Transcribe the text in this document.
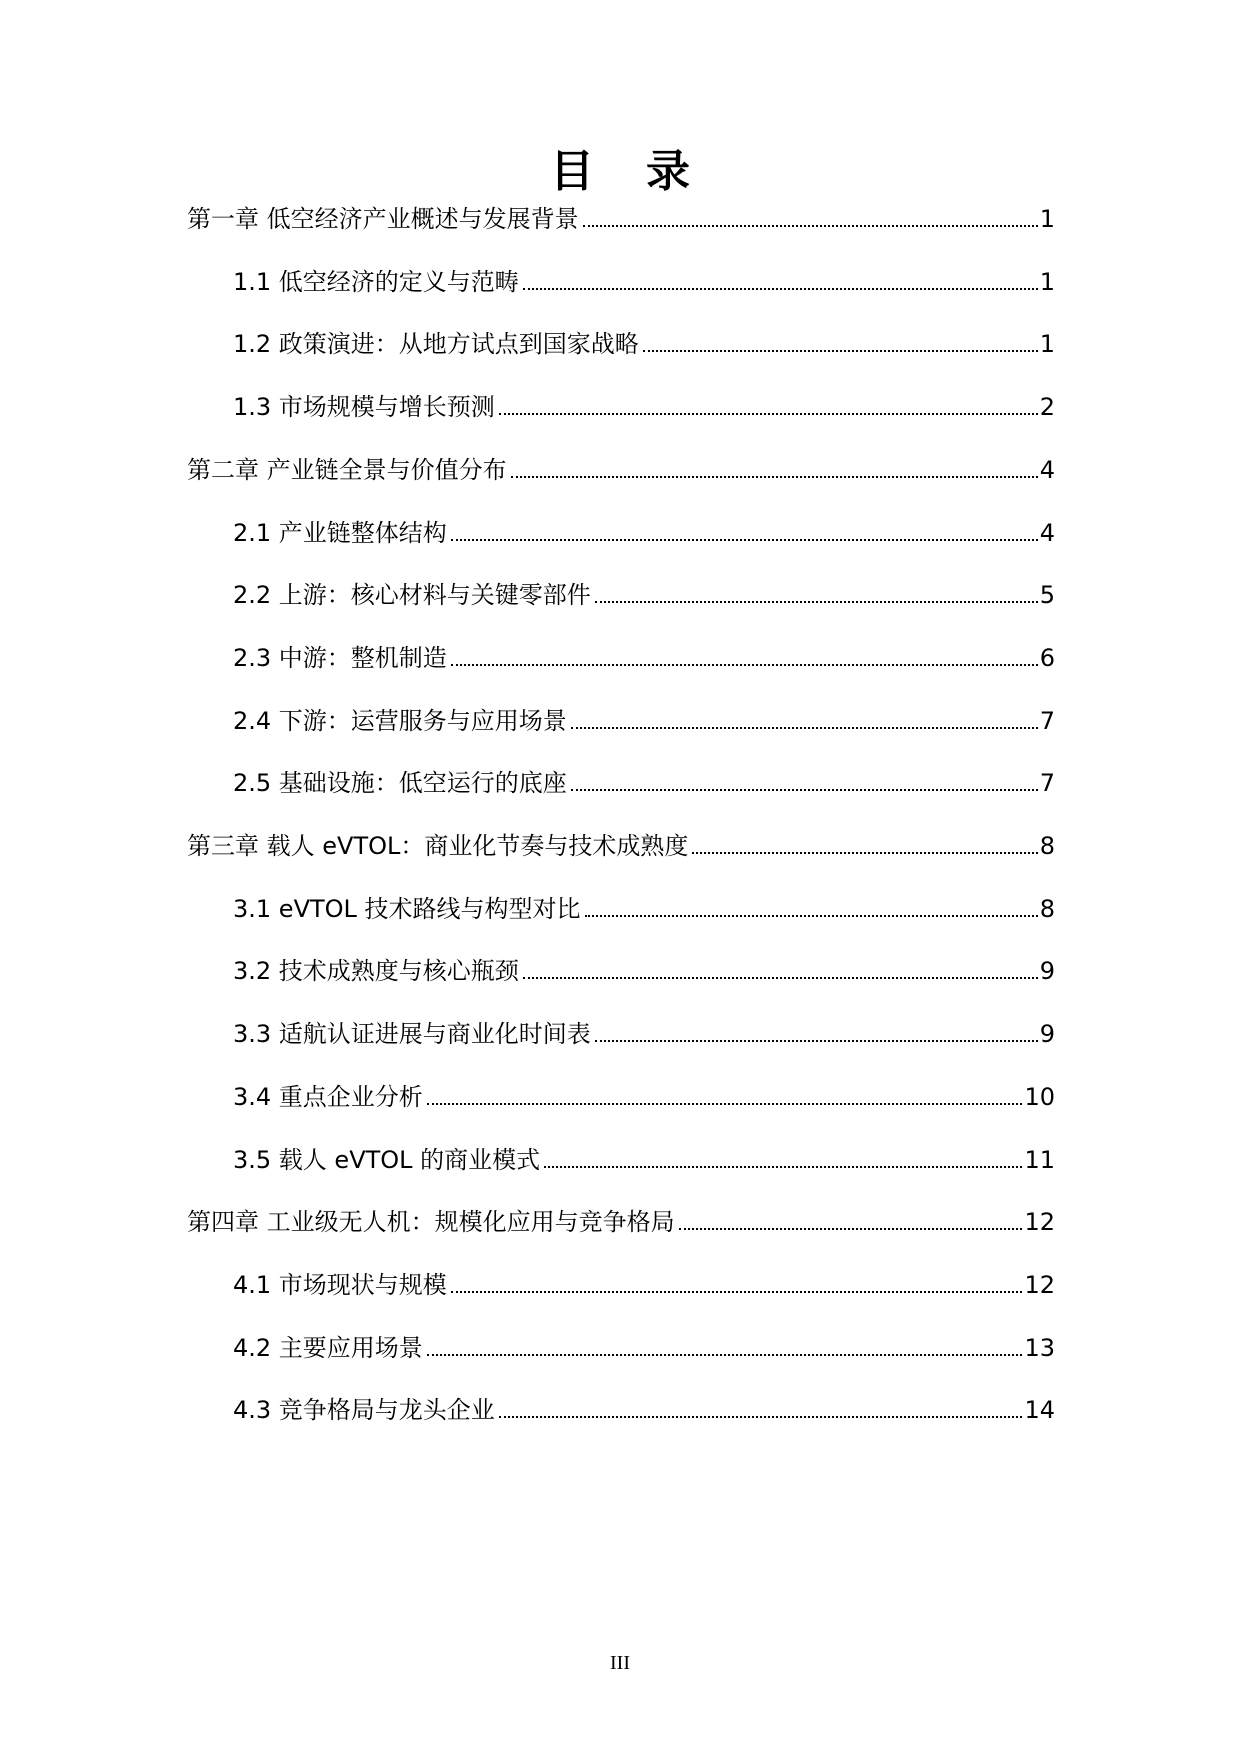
目录
第一章 低空经济产业概述与发展背景	1
1.1 低空经济的定义与范畴	1
1.2 政策演进：从地方试点到国家战略	1
1.3 市场规模与增长预测	2
第二章 产业链全景与价值分布	4
2.1 产业链整体结构	4
2.2 上游：核心材料与关键零部件	5
2.3 中游：整机制造	6
2.4 下游：运营服务与应用场景	7
2.5 基础设施：低空运行的底座	7
第三章 载人 eVTOL：商业化节奏与技术成熟度	8
3.1 eVTOL 技术路线与构型对比	8
3.2 技术成熟度与核心瓶颈	9
3.3 适航认证进展与商业化时间表	9
3.4 重点企业分析	10
3.5 载人 eVTOL 的商业模式	11
第四章 工业级无人机：规模化应用与竞争格局	12
4.1 市场现状与规模	12
4.2 主要应用场景	13
4.3 竞争格局与龙头企业	14
III
